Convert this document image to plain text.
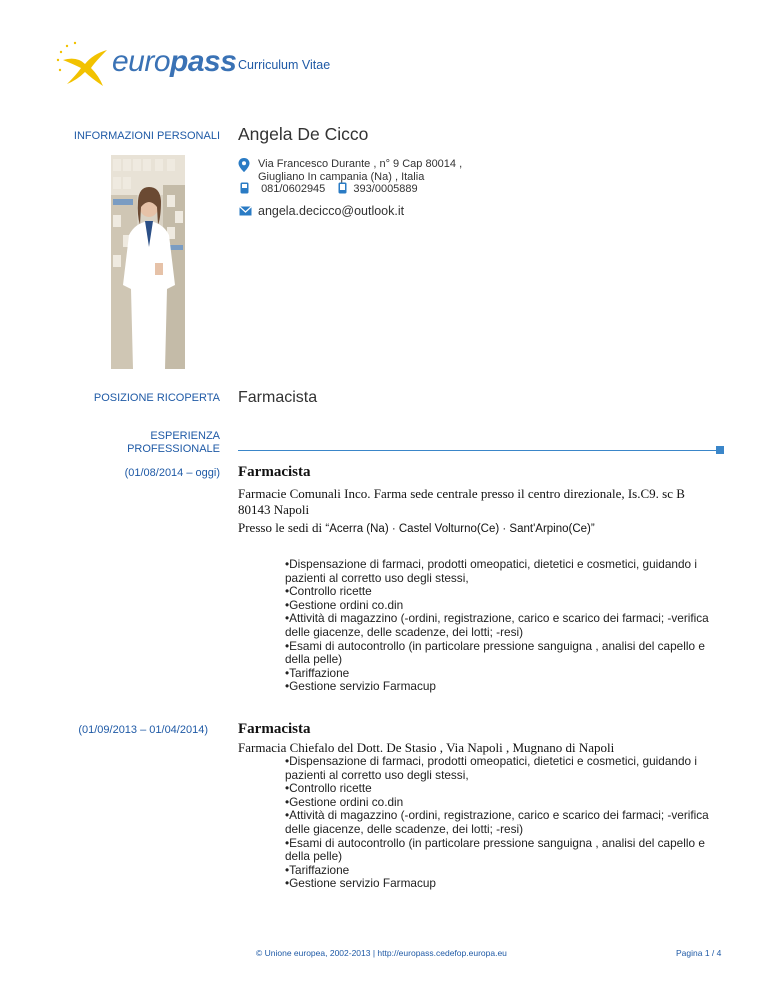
europass Curriculum Vitae
INFORMAZIONI PERSONALI Angela De Cicco
Via Francesco Durante , n° 9 Cap 80014 ,
Giugliano In campania (Na) , Italia
081/0602945	393/0005889
angela.decicco@outlook.it
POSIZIONE RICOPERTA Farmacista
ESPERIENZA
PROFESSIONALE
(01/08/2014 – oggi) Farmacista
Farmacie Comunali Inco. Farma sede centrale presso il centro direzionale, Is.C9. sc B
80143 Napoli
Presso le sedi di “Acerra (Na) · Castel Volturno(Ce) · Sant'Arpino(Ce)”
•Dispensazione di farmaci, prodotti omeopatici, dietetici e cosmetici, guidando i pazienti al corretto uso degli stessi,
•Controllo ricette
•Gestione ordini co.din
•Attività di magazzino (-ordini, registrazione, carico e scarico dei farmaci; -verifica delle giacenze, delle scadenze, dei lotti; -resi)
•Esami di autocontrollo (in particolare pressione sanguigna , analisi del capello e della pelle)
•Tariffazione
•Gestione servizio Farmacup
(01/09/2013 – 01/04/2014) Farmacista
Farmacia Chiefalo del Dott. De Stasio , Via Napoli , Mugnano di Napoli
•Dispensazione di farmaci, prodotti omeopatici, dietetici e cosmetici, guidando i pazienti al corretto uso degli stessi,
•Controllo ricette
•Gestione ordini co.din
•Attività di magazzino (-ordini, registrazione, carico e scarico dei farmaci; -verifica delle giacenze, delle scadenze, dei lotti; -resi)
•Esami di autocontrollo (in particolare pressione sanguigna , analisi del capello e della pelle)
•Tariffazione
•Gestione servizio Farmacup
© Unione europea, 2002-2013 | http://europass.cedefop.europa.eu	Pagina 1 / 4
